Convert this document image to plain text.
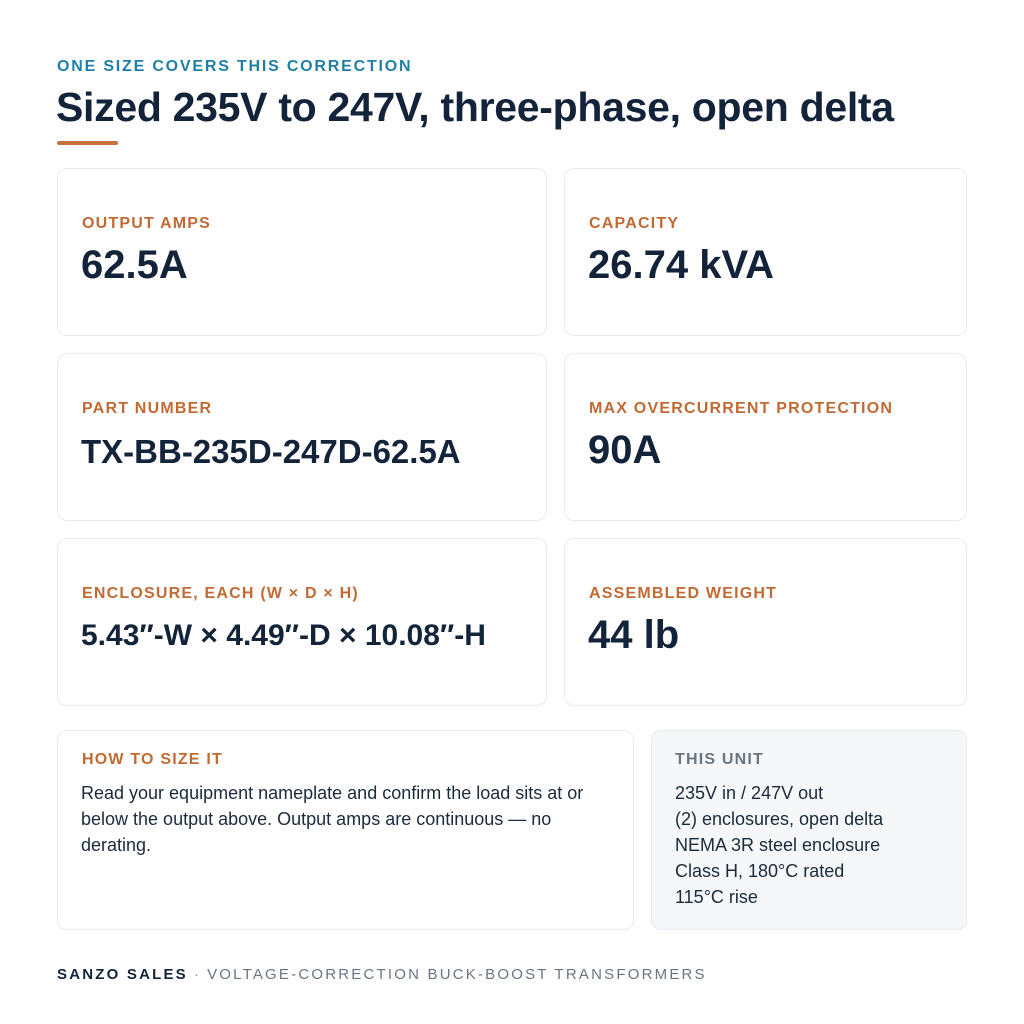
ONE SIZE COVERS THIS CORRECTION
Sized 235V to 247V, three-phase, open delta
OUTPUT AMPS
62.5A
CAPACITY
26.74 kVA
PART NUMBER
TX-BB-235D-247D-62.5A
MAX OVERCURRENT PROTECTION
90A
ENCLOSURE, EACH (W × D × H)
5.43″-W × 4.49″-D × 10.08″-H
ASSEMBLED WEIGHT
44 lb
HOW TO SIZE IT

Read your equipment nameplate and confirm the load sits at or below the output above. Output amps are continuous — no derating.

THIS UNIT
235V in / 247V out
(2) enclosures, open delta
NEMA 3R steel enclosure
Class H, 180°C rated
115°C rise
SANZO SALES · VOLTAGE-CORRECTION BUCK-BOOST TRANSFORMERS
